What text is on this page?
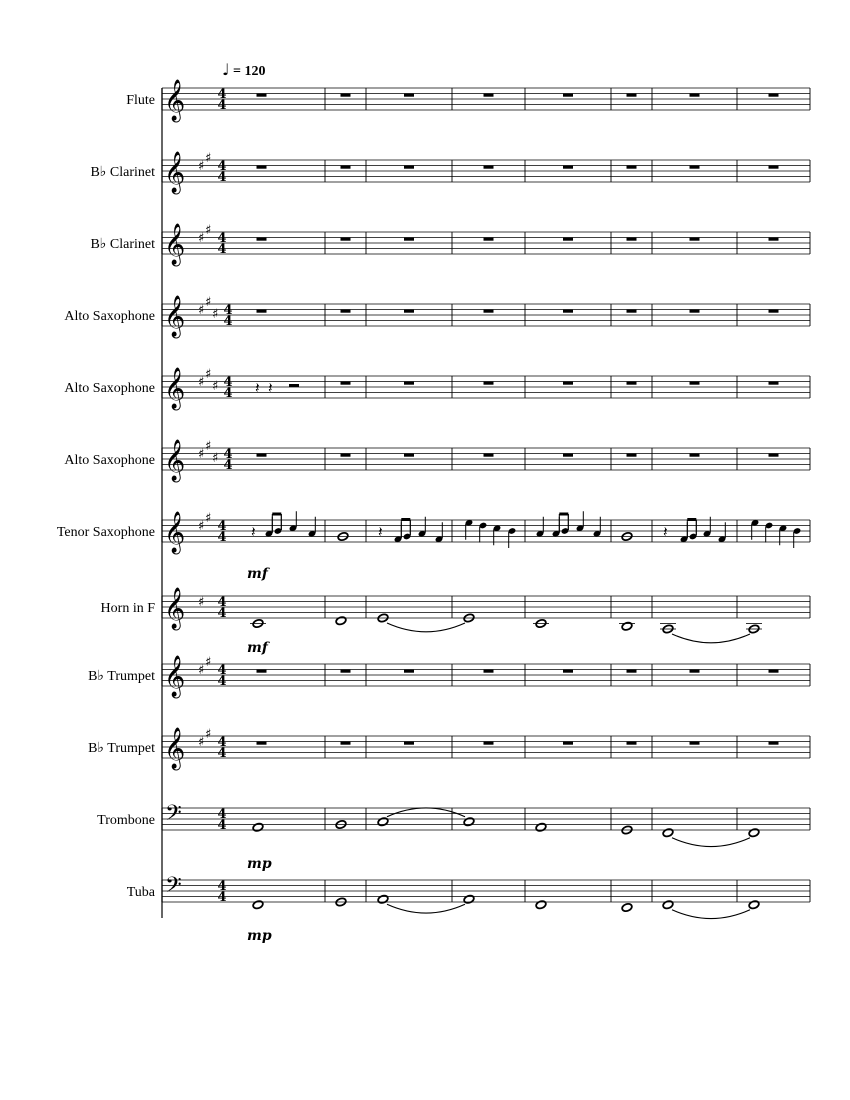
♩ = 120
Flute 𝄞 4
4
B♭ Clarinet 𝄞 ♯
♯
4
4
B♭ Clarinet 𝄞 ♯
♯
4
4
Alto Saxophone 𝄞 ♯
♯
♯ 4
4
Alto Saxophone 𝄞 ♯
♯
♯ 4
4 𝄽 𝄽
Alto Saxophone 𝄞 ♯
♯
♯ 4
4
Tenor Saxophone 𝄞 ♯
♯
4
4 𝄽	𝄽	𝄽
mf
Horn in F 𝄞 ♯ 4
4
mf
B♭ Trumpet 𝄞 ♯
♯
4
4
B♭ Trumpet 𝄞 ♯
♯
4
4
Trombone 𝄢	4
4
mp
Tuba 𝄢	4
4
mp
